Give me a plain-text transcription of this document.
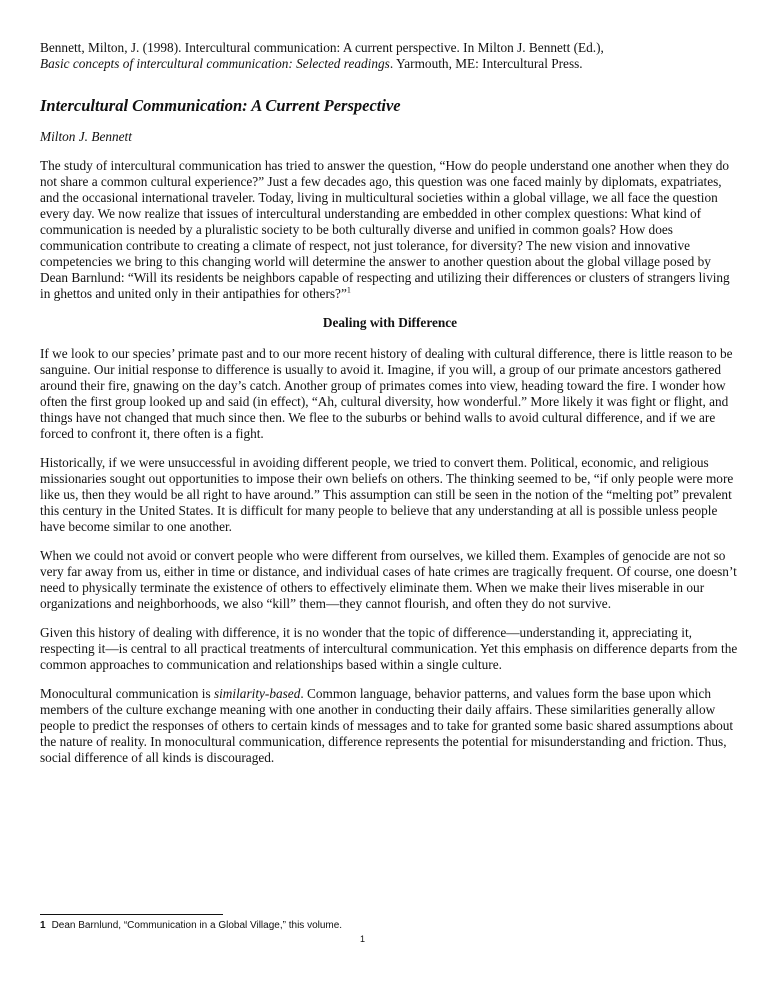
Bennett, Milton, J. (1998). Intercultural communication: A current perspective. In Milton J. Bennett (Ed.),
Basic concepts of intercultural communication: Selected readings. Yarmouth, ME: Intercultural Press.
Intercultural Communication: A Current Perspective
Milton J. Bennett

The study of intercultural communication has tried to answer the question, “How do people understand one another when they do not share a common cultural experience?” Just a few decades ago, this question was one faced mainly by diplomats, expatriates, and the occasional international traveler. Today, living in multicultural societies within a global village, we all face the question every day. We now realize that issues of intercultural understanding are embedded in other complex questions: What kind of communication is needed by a pluralistic society to be both culturally diverse and unified in common goals? How does communication contribute to creating a climate of respect, not just tolerance, for diversity? The new vision and innovative competencies we bring to this changing world will determine the answer to another question about the global village posed by Dean Barnlund: “Will its residents be neighbors capable of respecting and utilizing their differences or clusters of strangers living in ghettos and united only in their antipathies for others?”$^1$

Dealing with Difference

If we look to our species’ primate past and to our more recent history of dealing with cultural difference, there is little reason to be sanguine. Our initial response to difference is usually to avoid it. Imagine, if you will, a group of our primate ancestors gathered around their fire, gnawing on the day’s catch. Another group of primates comes into view, heading toward the fire. I wonder how often the first group looked up and said (in effect), “Ah, cultural diversity, how wonderful.” More likely it was fight or flight, and things have not changed that much since then. We flee to the suburbs or behind walls to avoid cultural difference, and if we are forced to confront it, there often is a fight.

Historically, if we were unsuccessful in avoiding different people, we tried to convert them. Political, economic, and religious missionaries sought out opportunities to impose their own beliefs on others. The thinking seemed to be, “if only people were more like us, then they would be all right to have around.” This assumption can still be seen in the notion of the “melting pot” prevalent this century in the United States. It is difficult for many people to believe that any understanding at all is possible unless people have become similar to one another.

When we could not avoid or convert people who were different from ourselves, we killed them. Examples of genocide are not so very far away from us, either in time or distance, and individual cases of hate crimes are tragically frequent. Of course, one doesn’t need to physically terminate the existence of others to effectively eliminate them. When we make their lives miserable in our organizations and neighborhoods, we also “kill” them—they cannot flourish, and often they do not survive.

Given this history of dealing with difference, it is no wonder that the topic of difference—understanding it, appreciating it, respecting it—is central to all practical treatments of intercultural communication. Yet this emphasis on difference departs from the common approaches to communication and relationships based within a single culture.

Monocultural communication is similarity-based. Common language, behavior patterns, and values form the base upon which members of the culture exchange meaning with one another in conducting their daily affairs. These similarities generally allow people to predict the responses of others to certain kinds of messages and to take for granted some basic shared assumptions about the nature of reality. In monocultural communication, difference represents the potential for misunderstanding and friction. Thus, social difference of all kinds is discouraged.

1 Dean Barnlund, “Communication in a Global Village,” this volume.
1
